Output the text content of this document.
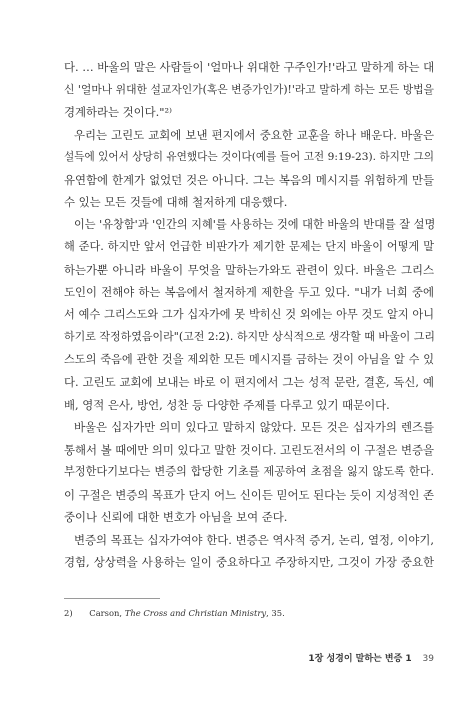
다. … 바울의 말은 사람들이 '얼마나 위대한 구주인가!'라고 말하게 하는 대
신 '얼마나 위대한 설교자인가(혹은 변증가인가)!'라고 말하게 하는 모든 방법을
경계하라는 것이다."²⁾
우리는 고린도 교회에 보낸 편지에서 중요한 교훈을 하나 배운다. 바울은
설득에 있어서 상당히 유연했다는 것이다(예를 들어 고전 9:19-23). 하지만 그의
유연함에 한계가 없었던 것은 아니다. 그는 복음의 메시지를 위험하게 만들
수 있는 모든 것들에 대해 철저하게 대응했다.
이는 '유창함'과 '인간의 지혜'를 사용하는 것에 대한 바울의 반대를 잘 설명
해 준다. 하지만 앞서 언급한 비판가가 제기한 문제는 단지 바울이 어떻게 말
하는가뿐 아니라 바울이 무엇을 말하는가와도 관련이 있다. 바울은 그리스
도인이 전해야 하는 복음에서 철저하게 제한을 두고 있다. "내가 너희 중에
서 예수 그리스도와 그가 십자가에 못 박히신 것 외에는 아무 것도 알지 아니
하기로 작정하였음이라"(고전 2:2). 하지만 상식적으로 생각할 때 바울이 그리
스도의 죽음에 관한 것을 제외한 모든 메시지를 금하는 것이 아님을 알 수 있
다. 고린도 교회에 보내는 바로 이 편지에서 그는 성적 문란, 결혼, 독신, 예
배, 영적 은사, 방언, 성찬 등 다양한 주제를 다루고 있기 때문이다.
바울은 십자가만 의미 있다고 말하지 않았다. 모든 것은 십자가의 렌즈를
통해서 볼 때에만 의미 있다고 말한 것이다. 고린도전서의 이 구절은 변증을
부정한다기보다는 변증의 합당한 기초를 제공하여 초점을 잃지 않도록 한다.
이 구절은 변증의 목표가 단지 어느 신이든 믿어도 된다는 듯이 지성적인 존
중이나 신뢰에 대한 변호가 아님을 보여 준다.
변증의 목표는 십자가여야 한다. 변증은 역사적 증거, 논리, 열정, 이야기,
경험, 상상력을 사용하는 일이 중요하다고 주장하지만, 그것이 가장 중요한
2) Carson, The Cross and Christian Ministry, 35.
1장 성경이 말하는 변증 1 39
